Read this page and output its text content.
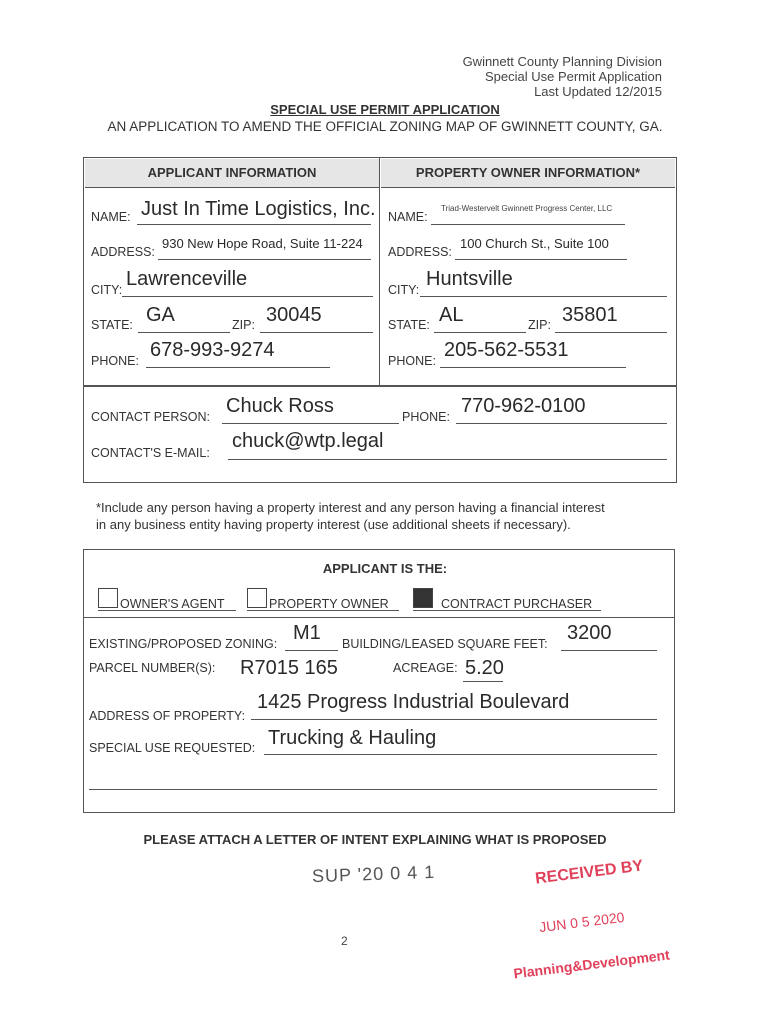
Gwinnett County Planning Division
Special Use Permit Application
Last Updated 12/2015
SPECIAL USE PERMIT APPLICATION
AN APPLICATION TO AMEND THE OFFICIAL ZONING MAP OF GWINNETT COUNTY, GA.
APPLICANT INFORMATION	PROPERTY OWNER INFORMATION*
NAME: Just In Time Logistics, Inc.
ADDRESS:
930 New Hope Road, Suite 11-224
CITY: Lawrenceville
STATE: GA	ZIP: 30045
PHONE: 678-993-9274
NAME:
Triad-Westervelt Gwinnett Progress Center, LLC
ADDRESS:
100 Church St., Suite 100
CITY: Huntsville
STATE: AL	ZIP: 35801
PHONE: 205-562-5531
CONTACT PERSON: Chuck Ross	PHONE: 770-962-0100
CONTACT'S E-MAIL:
chuck@wtp.legal
*Include any person having a property interest and any person having a financial interest
in any business entity having property interest (use additional sheets if necessary).
APPLICANT IS THE:
OWNER'S AGENT	PROPERTY OWNER	CONTRACT PURCHASER
EXISTING/PROPOSED ZONING: M1 BUILDING/LEASED SQUARE FEET: 3200
PARCEL NUMBER(S): R7015 165	ACREAGE: 5.20
ADDRESS OF PROPERTY:
1425 Progress Industrial Boulevard
SPECIAL USE REQUESTED: Trucking & Hauling
PLEASE ATTACH A LETTER OF INTENT EXPLAINING WHAT IS PROPOSED
SUP '20 0 4 1	RECEIVED BY
JUN 0 5 2020
Planning&Development
2
